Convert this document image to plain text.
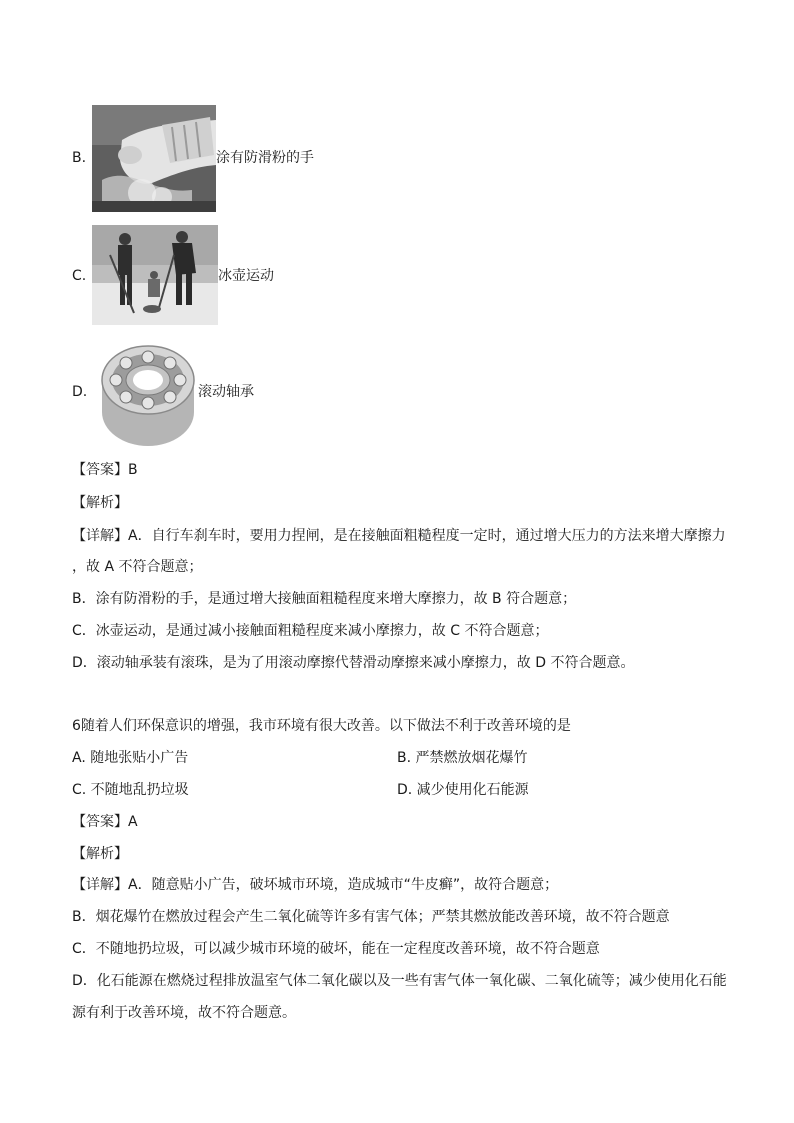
B.	涂有防滑粉的手
C.	冰壶运动
D.	滚动轴承
【答案】B
【解析】
【详解】A．自行车刹车时，要用力捏闸，是在接触面粗糙程度一定时，通过增大压力的方法来增大摩擦力
，故 A 不符合题意；
B．涂有防滑粉的手，是通过增大接触面粗糙程度来增大摩擦力，故 B 符合题意；
C．冰壶运动，是通过减小接触面粗糙程度来减小摩擦力，故 C 不符合题意；
D．滚动轴承装有滚珠，是为了用滚动摩擦代替滑动摩擦来减小摩擦力，故 D 不符合题意。
6随着人们环保意识的增强，我市环境有很大改善。以下做法不利于改善环境的是
A. 随地张贴小广告	B. 严禁燃放烟花爆竹
C. 不随地乱扔垃圾	D. 减少使用化石能源
【答案】A
【解析】
【详解】A．随意贴小广告，破坏城市环境，造成城市“牛皮癣”，故符合题意；
B．烟花爆竹在燃放过程会产生二氧化硫等许多有害气体；严禁其燃放能改善环境，故不符合题意
C．不随地扔垃圾，可以减少城市环境的破坏，能在一定程度改善环境，故不符合题意
D．化石能源在燃烧过程排放温室气体二氧化碳以及一些有害气体一氧化碳、二氧化硫等；减少使用化石能
源有利于改善环境，故不符合题意。
